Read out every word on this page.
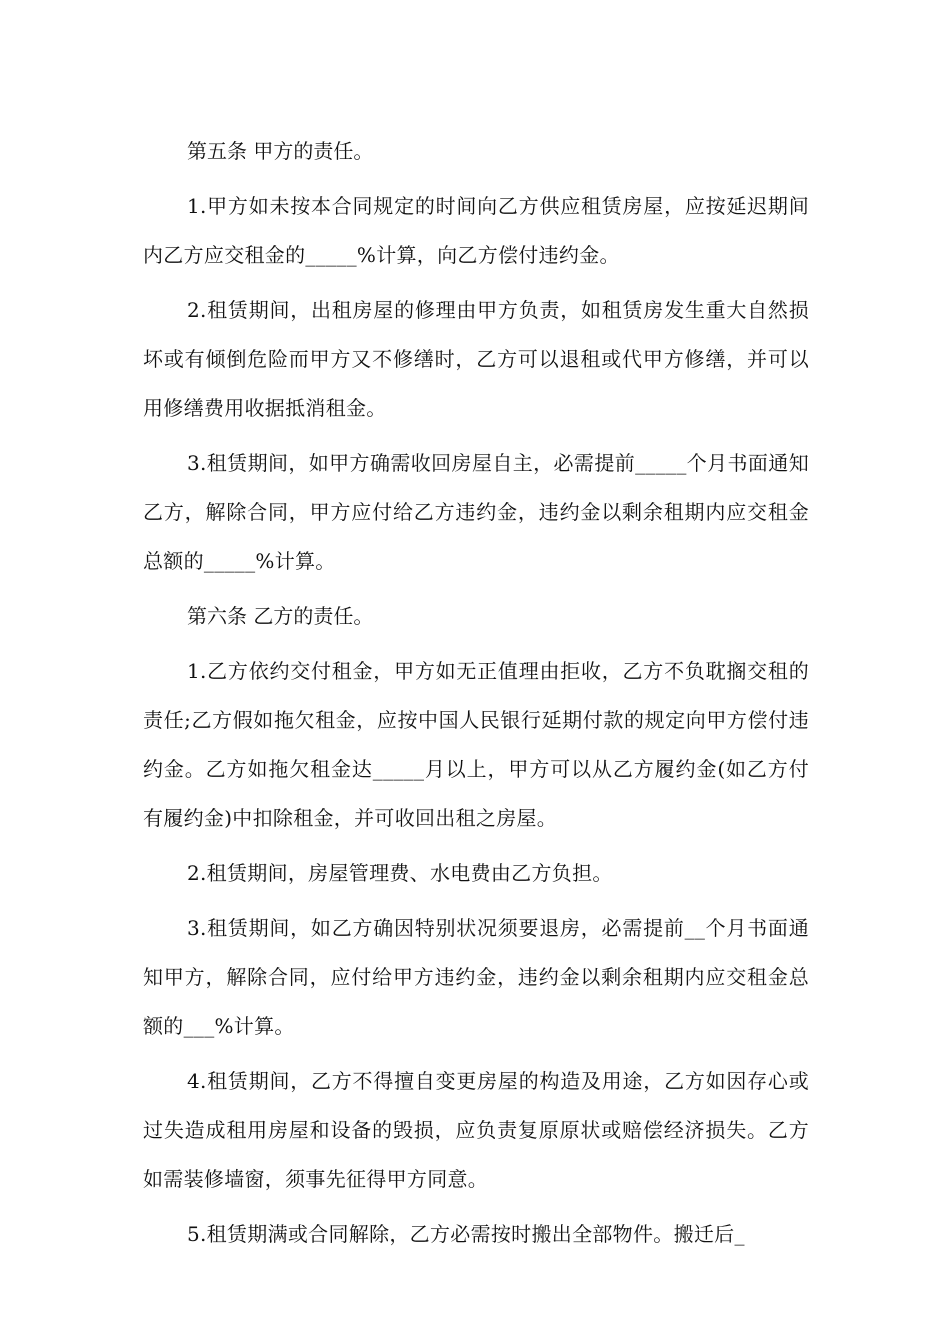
第五条 甲方的责任。

1.甲方如未按本合同规定的时间向乙方供应租赁房屋，应按延迟期间内乙方应交租金的_____%计算，向乙方偿付违约金。

2.租赁期间，出租房屋的修理由甲方负责，如租赁房发生重大自然损坏或有倾倒危险而甲方又不修缮时，乙方可以退租或代甲方修缮，并可以用修缮费用收据抵消租金。

3.租赁期间，如甲方确需收回房屋自主，必需提前_____个月书面通知乙方，解除合同，甲方应付给乙方违约金，违约金以剩余租期内应交租金总额的_____%计算。

第六条 乙方的责任。

1.乙方依约交付租金，甲方如无正值理由拒收，乙方不负耽搁交租的责任;乙方假如拖欠租金，应按中国人民银行延期付款的规定向甲方偿付违约金。乙方如拖欠租金达_____月以上，甲方可以从乙方履约金(如乙方付有履约金)中扣除租金，并可收回出租之房屋。

2.租赁期间，房屋管理费、水电费由乙方负担。

3.租赁期间，如乙方确因特别状况须要退房，必需提前__个月书面通知甲方，解除合同，应付给甲方违约金，违约金以剩余租期内应交租金总额的___%计算。

4.租赁期间，乙方不得擅自变更房屋的构造及用途，乙方如因存心或过失造成租用房屋和设备的毁损，应负责复原原状或赔偿经济损失。乙方如需装修墙窗，须事先征得甲方同意。

5.租赁期满或合同解除，乙方必需按时搬出全部物件。搬迁后_
